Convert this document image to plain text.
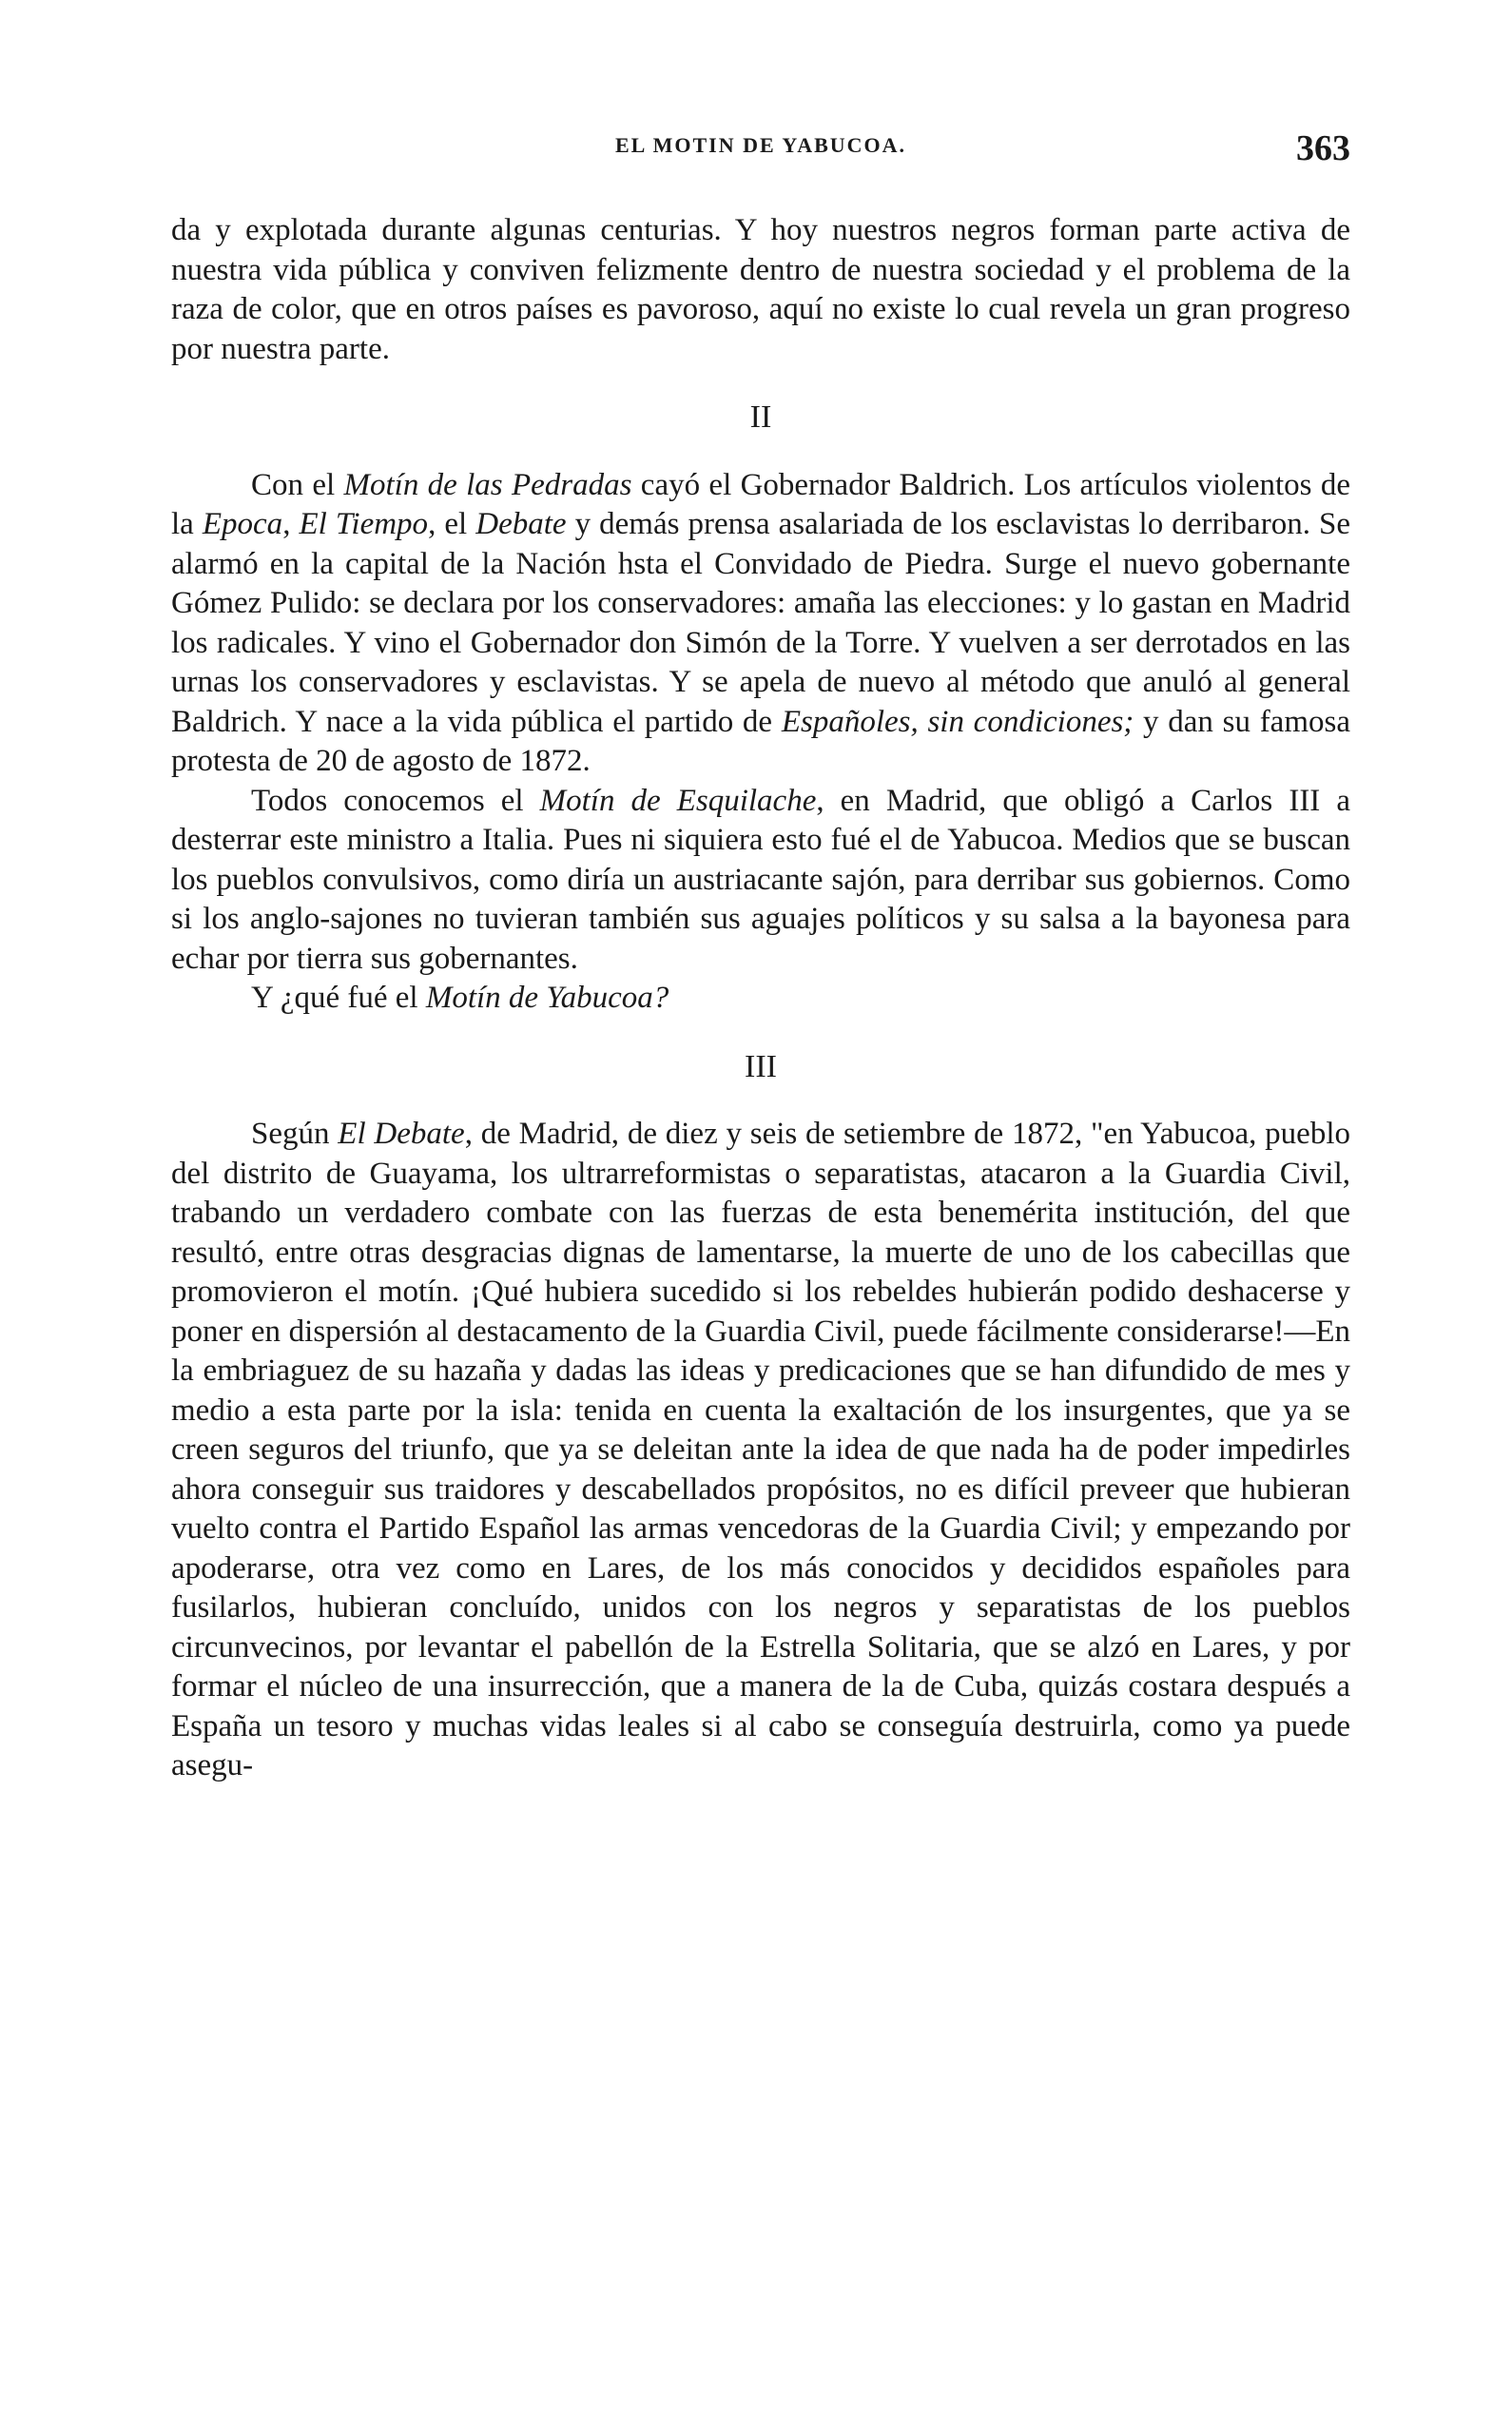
EL MOTIN DE YABUCOA.	363

da y explotada durante algunas centurias. Y hoy nuestros negros forman parte activa de nuestra vida pública y conviven felizmente dentro de nuestra sociedad y el problema de la raza de color, que en otros países es pavoroso, aquí no existe lo cual revela un gran progreso por nuestra parte.

II

Con el Motín de las Pedradas cayó el Gobernador Baldrich. Los artículos violentos de la Epoca, El Tiempo, el Debate y demás prensa asalariada de los esclavistas lo derribaron. Se alarmó en la capital de la Nación hsta el Convidado de Piedra. Surge el nuevo gobernante Gómez Pulido: se declara por los conservadores: amaña las elecciones: y lo gastan en Madrid los radicales. Y vino el Gobernador don Simón de la Torre. Y vuelven a ser derrotados en las urnas los conservadores y esclavistas. Y se apela de nuevo al método que anuló al general Baldrich. Y nace a la vida pública el partido de Españoles, sin condiciones; y dan su famosa protesta de 20 de agosto de 1872.

Todos conocemos el Motín de Esquilache, en Madrid, que obligó a Carlos III a desterrar este ministro a Italia. Pues ni siquiera esto fué el de Yabucoa. Medios que se buscan los pueblos convulsivos, como diría un austriacante sajón, para derribar sus gobiernos. Como si los anglo-sajones no tuvieran también sus aguajes políticos y su salsa a la bayonesa para echar por tierra sus gobernantes.

Y ¿qué fué el Motín de Yabucoa?

III

Según El Debate, de Madrid, de diez y seis de setiembre de 1872, "en Yabucoa, pueblo del distrito de Guayama, los ultrarreformistas o separatistas, atacaron a la Guardia Civil, trabando un verdadero combate con las fuerzas de esta benemérita institución, del que resultó, entre otras desgracias dignas de lamentarse, la muerte de uno de los cabecillas que promovieron el motín. ¡Qué hubiera sucedido si los rebeldes hubierán podido deshacerse y poner en dispersión al destacamento de la Guardia Civil, puede fácilmente considerarse!—En la embriaguez de su hazaña y dadas las ideas y predicaciones que se han difundido de mes y medio a esta parte por la isla: tenida en cuenta la exaltación de los insurgentes, que ya se creen seguros del triunfo, que ya se deleitan ante la idea de que nada ha de poder impedirles ahora conseguir sus traidores y descabellados propósitos, no es difícil preveer que hubieran vuelto contra el Partido Español las armas vencedoras de la Guardia Civil; y empezando por apoderarse, otra vez como en Lares, de los más conocidos y decididos españoles para fusilarlos, hubieran concluído, unidos con los negros y separatistas de los pueblos circunvecinos, por levantar el pabellón de la Estrella Solitaria, que se alzó en Lares, y por formar el núcleo de una insurrección, que a manera de la de Cuba, quizás costara después a España un tesoro y muchas vidas leales si al cabo se conseguía destruirla, como ya puede asegu-
